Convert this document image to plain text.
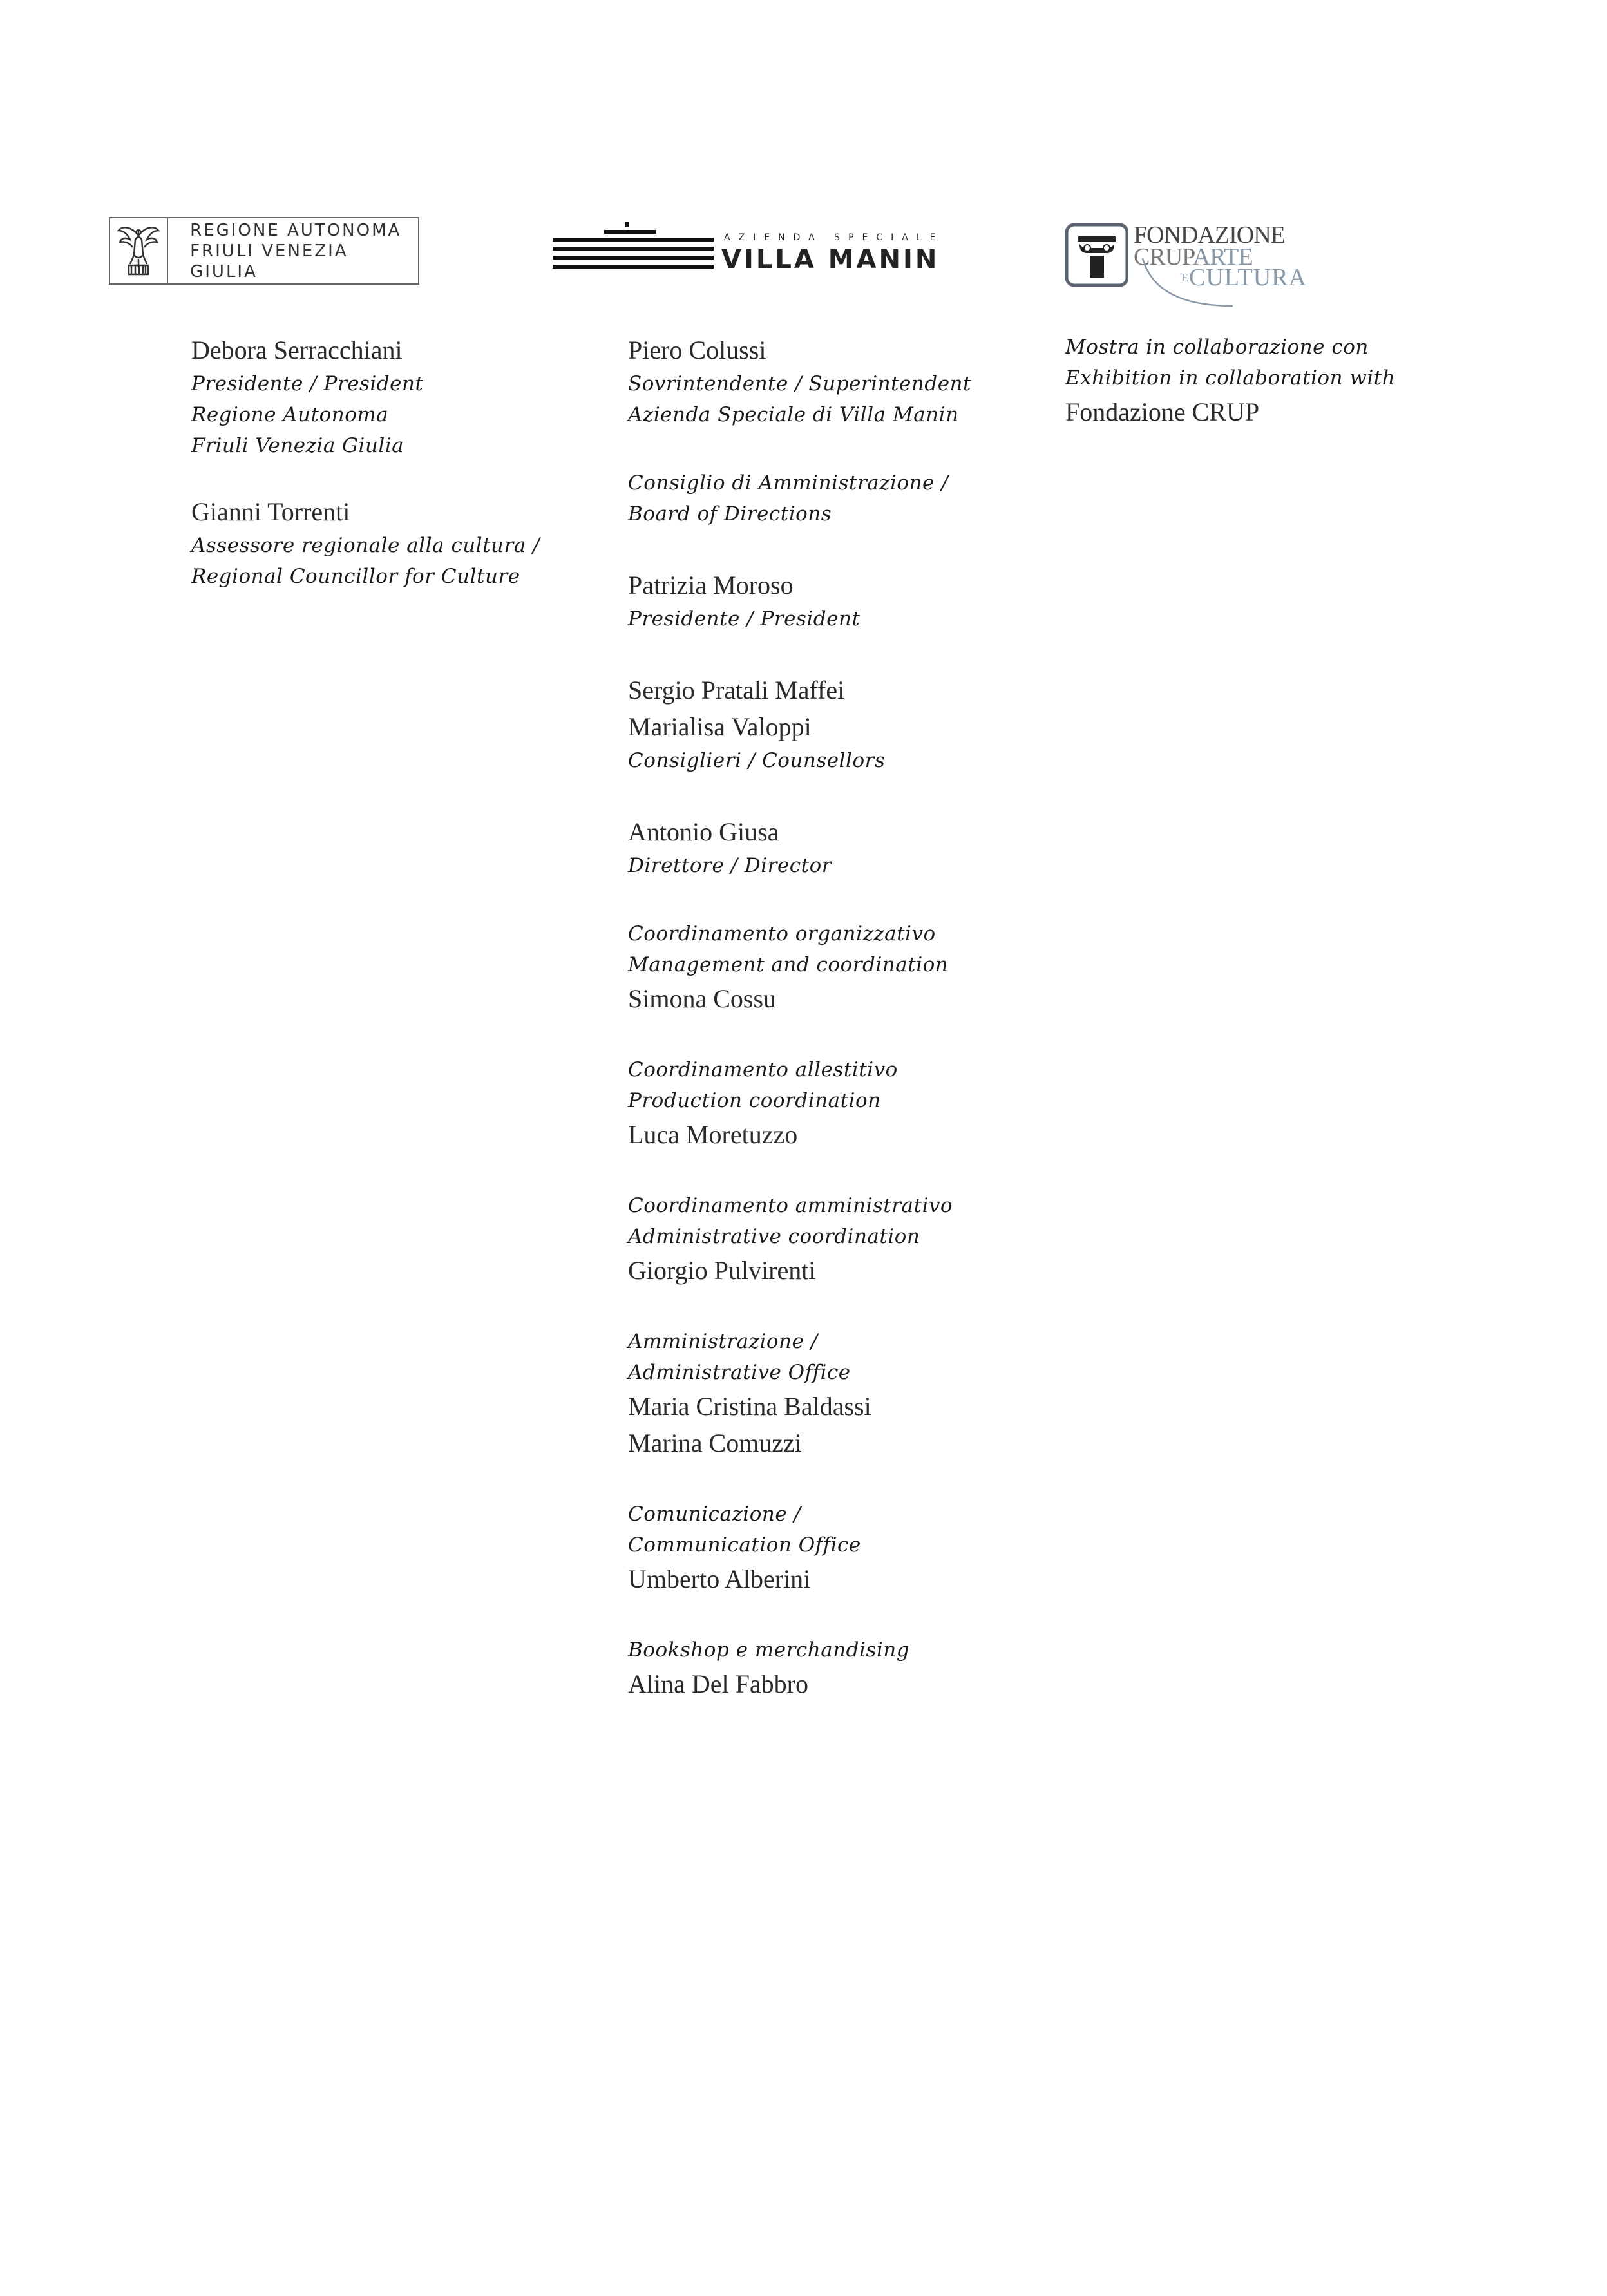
REGIONE AUTONOMA
FRIULI VENEZIA GIULIA
AZIENDA SPECIALE
VILLA MANIN
FONDAZIONE
CRUPARTE
ECULTURA

Debora Serracchiani

Presidente / President

Regione Autonoma

Friuli Venezia Giulia

Gianni Torrenti

Assessore regionale alla cultura /

Regional Councillor for Culture

Piero Colussi

Sovrintendente / Superintendent

Azienda Speciale di Villa Manin

Consiglio di Amministrazione /

Board of Directions

Patrizia Moroso

Presidente / President

Sergio Pratali Maffei

Marialisa Valoppi

Consiglieri / Counsellors

Antonio Giusa

Direttore / Director

Coordinamento organizzativo

Management and coordination

Simona Cossu

Coordinamento allestitivo

Production coordination

Luca Moretuzzo

Coordinamento amministrativo

Administrative coordination

Giorgio Pulvirenti

Amministrazione /

Administrative Office

Maria Cristina Baldassi

Marina Comuzzi

Comunicazione /

Communication Office

Umberto Alberini

Bookshop e merchandising

Alina Del Fabbro

Mostra in collaborazione con

Exhibition in collaboration with

Fondazione CRUP
